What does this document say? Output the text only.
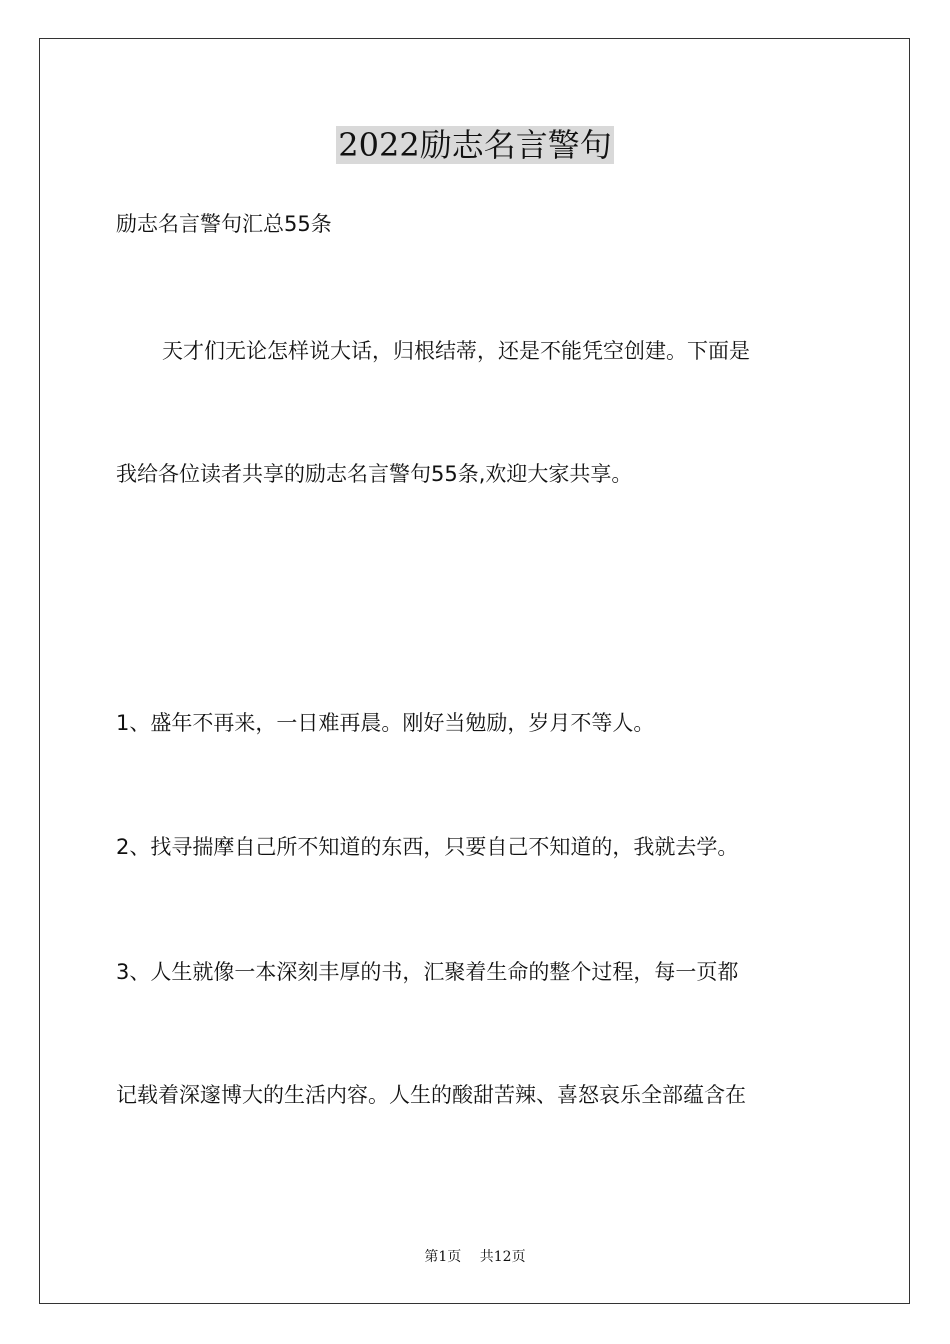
2022励志名言警句
励志名言警句汇总55条
天才们无论怎样说大话，归根结蒂，还是不能凭空创建。下面是
我给各位读者共享的励志名言警句55条,欢迎大家共享。
1、盛年不再来，一日难再晨。刚好当勉励，岁月不等人。
2、找寻揣摩自己所不知道的东西，只要自己不知道的，我就去学。
3、人生就像一本深刻丰厚的书，汇聚着生命的整个过程，每一页都
记载着深邃博大的生活内容。人生的酸甜苦辣、喜怒哀乐全部蕴含在
第1页 共12页
